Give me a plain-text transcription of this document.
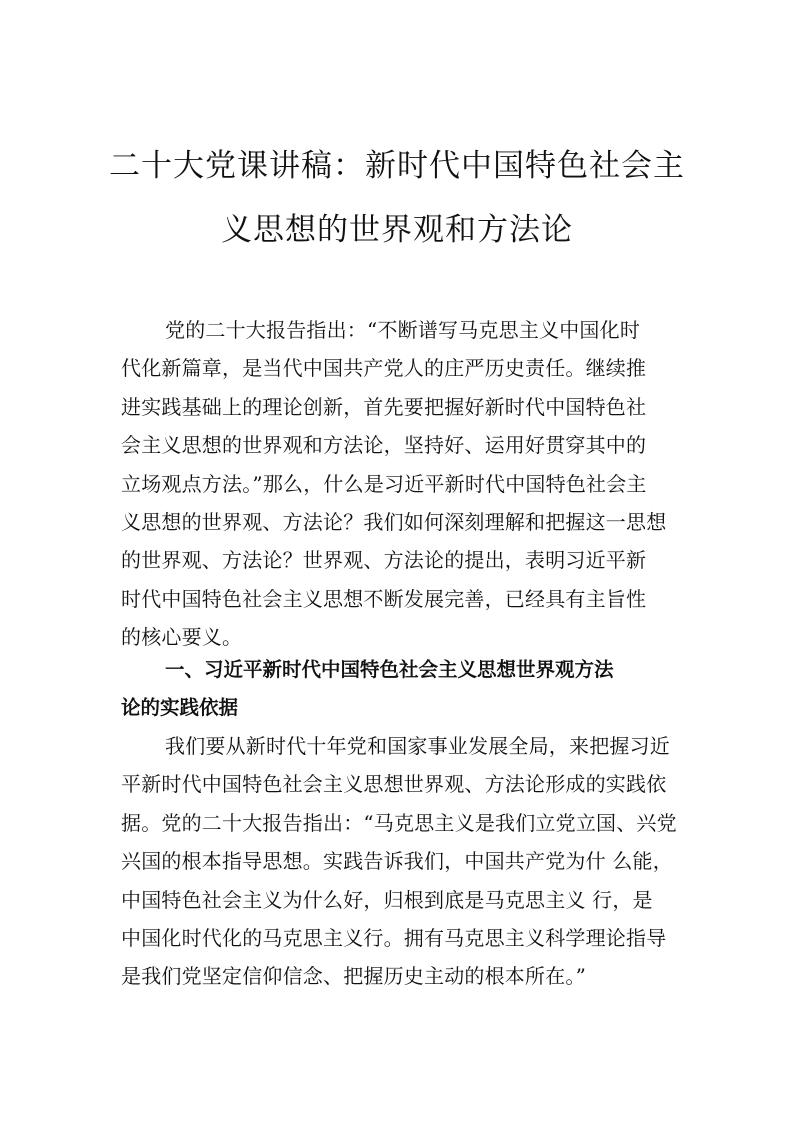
二十大党课讲稿：新时代中国特色社会主
义思想的世界观和方法论
党的二十大报告指出：“不断谱写马克思主义中国化时
代化新篇章，是当代中国共产党人的庄严历史责任。继续推
进实践基础上的理论创新，首先要把握好新时代中国特色社
会主义思想的世界观和方法论，坚持好、运用好贯穿其中的
立场观点方法。”那么，什么是习近平新时代中国特色社会主
义思想的世界观、方法论？我们如何深刻理解和把握这一思想
的世界观、方法论？世界观、方法论的提出，表明习近平新
时代中国特色社会主义思想不断发展完善，已经具有主旨性
的核心要义。
一、习近平新时代中国特色社会主义思想世界观方法
论的实践依据
我们要从新时代十年党和国家事业发展全局，来把握习近
平新时代中国特色社会主义思想世界观、方法论形成的实践依
据。党的二十大报告指出：“马克思主义是我们立党立国、兴党
兴国的根本指导思想。实践告诉我们，中国共产党为什 么能，
中国特色社会主义为什么好，归根到底是马克思主义 行，是
中国化时代化的马克思主义行。拥有马克思主义科学理论指导
是我们党坚定信仰信念、把握历史主动的根本所在。”
